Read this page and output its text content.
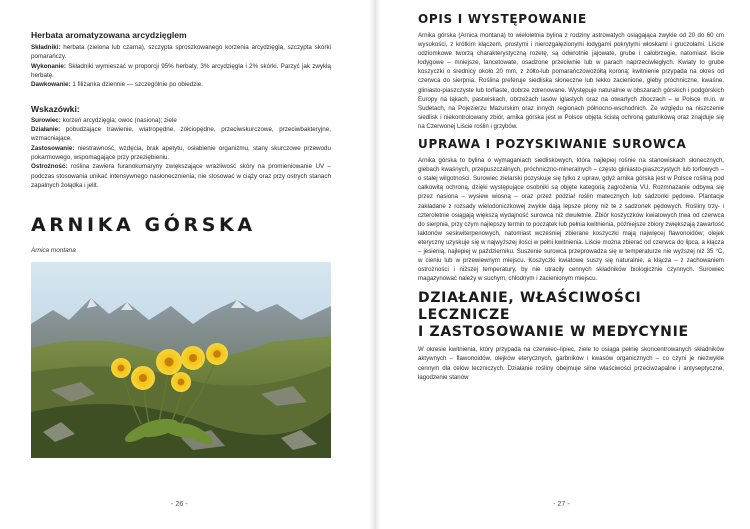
Herbata aromatyzowana arcydzięglem
Składniki: herbata (zielona lub czarna), szczypta sproszkowanego korzenia arcydzięgla, szczypta skórki pomarańczy.
Wykonanie: Składniki wymieszać w proporcji 95% herbaty, 3% arcydzięgla i 2% skórki. Parzyć jak zwykłą herbatę.
Dawkowanie: 1 filiżanka dziennie — szczególnie po obiedzie.
Wskazówki:
Surowiec: korzeń arcydzięgla; owoc (nasiona); ziele
Działanie: pobudzające trawienie, wiatropędne, żółciopędne, przeciwskurczowe, przeciwbakteryjne, wzmacniające.
Zastosowanie: niestrawność, wzdęcia, brak apetytu, osłabienie organizmu, stany skurczowe przewodu pokarmowego, wspomagające przy przeziębieniu.
Ostrożność: roślina zawiera furanokumaryny zwiększające wrażliwość skóry na promieniowanie UV – podczas stosowania unikać intensywnego nasłonecznienia; nie stosować w ciąży oraz przy ostrych stanach zapalnych żołądka i jelit.
ARNIKA GÓRSKA
Arnica montana
- 26 -
OPIS I WYSTĘPOWANIE
Arnika górska (Arnica montana) to wieloletnia bylina z rodziny astrowatych osiągająca zwykle od 20 do 60 cm wysokości, z krótkim kłączem, prostymi i nierozgałęzionymi łodygami pokrytymi włoskami i gruczołami. Liście odziomkowe tworzą charakterystyczną rozetę, są odwrotnie jajowate, grube i całobrzegie, natomiast liście łodygowe – mniejsze, lancetowate, osadzone przeciwnie lub w parach naprzeciwległych. Kwiaty to grube koszyczki o średnicy około 20 mm, z żółto-lub pomarańczowożółtą koroną; kwitnienie przypada na okres od czerwca do sierpnia. Roślina preferuje siedliska słoneczne lub lekko zacienione, gleby próchniczne, kwaśne, gliniasto-piaszczyste lub torfiaste, dobrze zdrenowane. Występuje naturalnie w obszarach górskich i podgórskich Europy na łąkach, pastwiskach, obrzeżach lasów iglastych oraz na otwartych zboczach – w Polsce m.in. w Sudetach, na Pojezierzu Mazurskim oraz innych regionach północno-wschodnich. Ze względu na niszczenie siedlisk i niekontrolowany zbiór, arnika górska jest w Polsce objęta ścisłą ochroną gatunkową oraz znajduje się na Czerwonej Liście roślin i grzybów.
UPRAWA I POZYSKIWANIE SUROWCA
Arnika górska to bylina o wymaganiach siedliskowych, która najlepiej rośnie na stanowiskach słonecznych, glebach kwaśnych, przepuszczalnych, próchniczno-mineralnych – często gliniasto-piaszczystych lub torfowych – o stałej wilgotności. Surowiec zielarski pozyskuje się tylko z upraw, gdyż arnika górska jest w Polsce rośliną pod całkowitą ochroną, dzięki występujące osobniki są objęte kategorią zagrożenia VU. Rozmnażanie odbywa się przez nasiona – wysiew wiosną – oraz przez podział roślin matecznych lub sadzonki pędowe. Plantacje zakładane z rozsady wielodoniczkowej zwykle dają lepsze plony niż te z sadzonek pędowych. Rośliny trzy- i czteroletnie osiągają większą wydajność surowca niż dwuletnie. Zbiór koszyczków kwiatowych trwa od czerwca do sierpnia, przy czym najlepszy termin to początek lub pełnia kwitnienia, późniejsze zbiory zwiększają zawartość laktonów seskwiterpenowych, natomiast wcześniej zbierane koszyczki mają najwięcej flawonoidów; olejek eteryczny uzyskuje się w najwyższej ilości w pełni kwitnienia. Liście można zbierać od czerwca do lipca, a kłącza – jesienią, najlepiej w październiku. Suszenie surowca przeprowadza się w temperaturze nie wyższej niż 35 °C, w cieniu lub w przewiewnym miejscu. Koszyczki kwiatowe suszy się naturalnie, a kłącza – z zachowaniem ostrożności i niższej temperatury, by nie utraciły cennych składników biologicznie czynnych. Surowiec magazynować należy w suchym, chłodnym i zacienionym miejscu.
DZIAŁANIE, WŁAŚCIWOŚCI LECZNICZE
I ZASTOSOWANIE W MEDYCYNIE
W okresie kwitnienia, który przypada na czerwiec–lipiec, ziele to osiąga pełnię skoncentrowanych składników aktywnych – flawonoidów, olejków eterycznych, garbników i kwasów organicznych – co czyni je niezwykle cennym dla celów leczniczych. Działanie rośliny obejmuje silne właściwości przeciwzapalne i antyseptyczne, łagodzenie stanów
- 27 -
